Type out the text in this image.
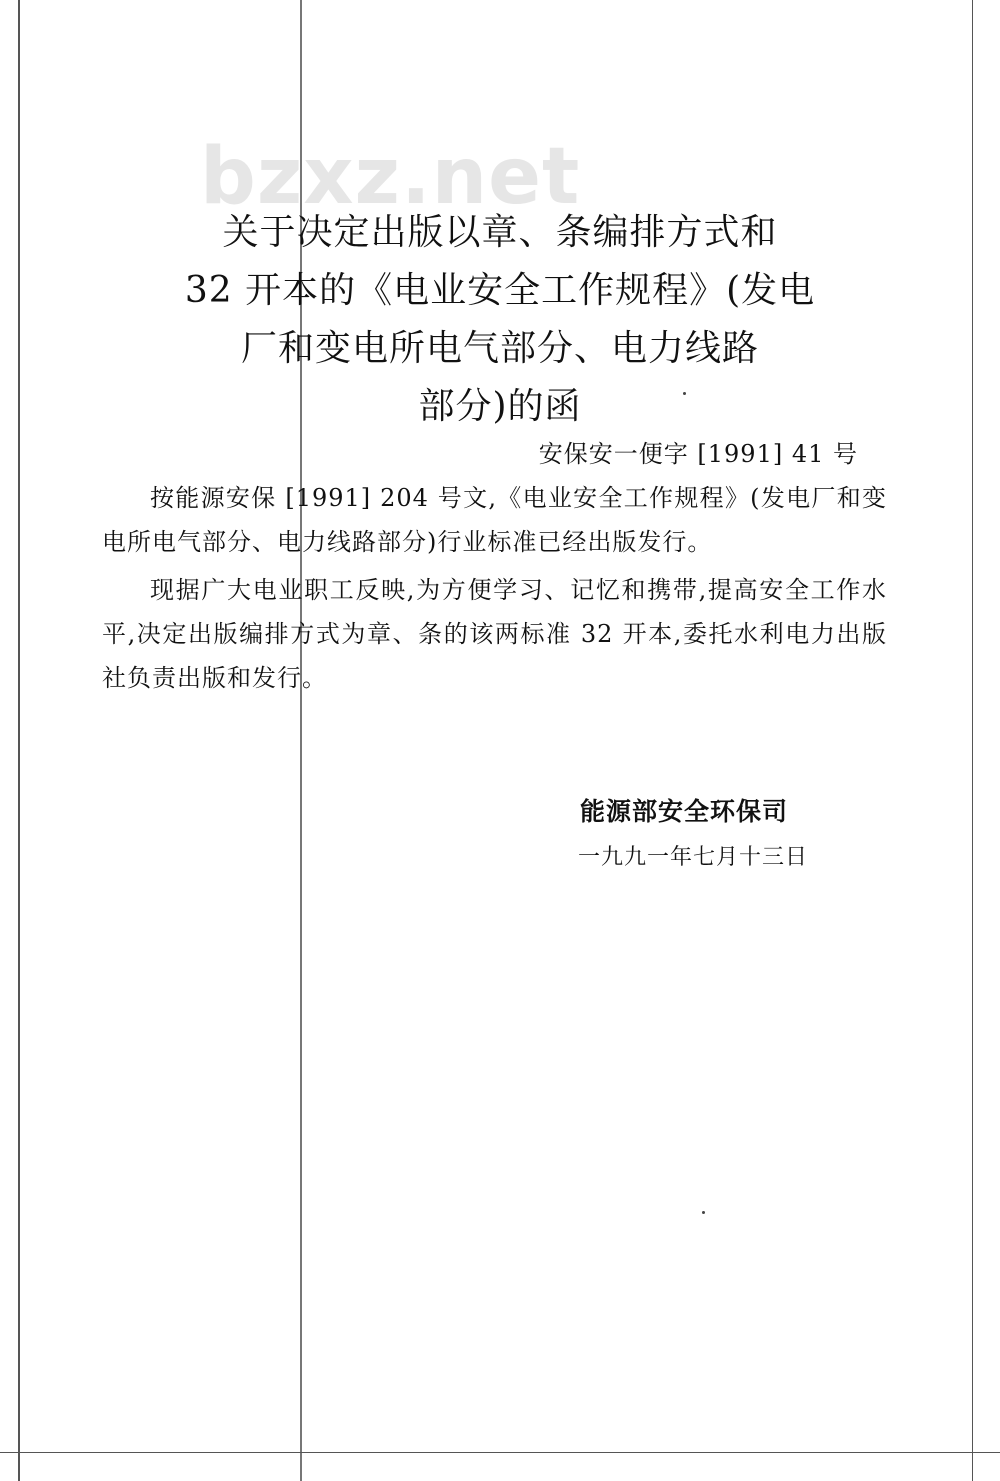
bzxz.net
关于决定出版以章、条编排方式和
32 开本的《电业安全工作规程》(发电
厂和变电所电气部分、电力线路
部分)的函
安保安一便字 [1991] 41 号

按能源安保 [1991] 204 号文,《电业安全工作规程》(发电厂和变电所电气部分、电力线路部分)行业标准已经出版发行。

现据广大电业职工反映,为方便学习、记忆和携带,提高安全工作水平,决定出版编排方式为章、条的该两标准 32 开本,委托水利电力出版社负责出版和发行。

能源部安全环保司
一九九一年七月十三日
